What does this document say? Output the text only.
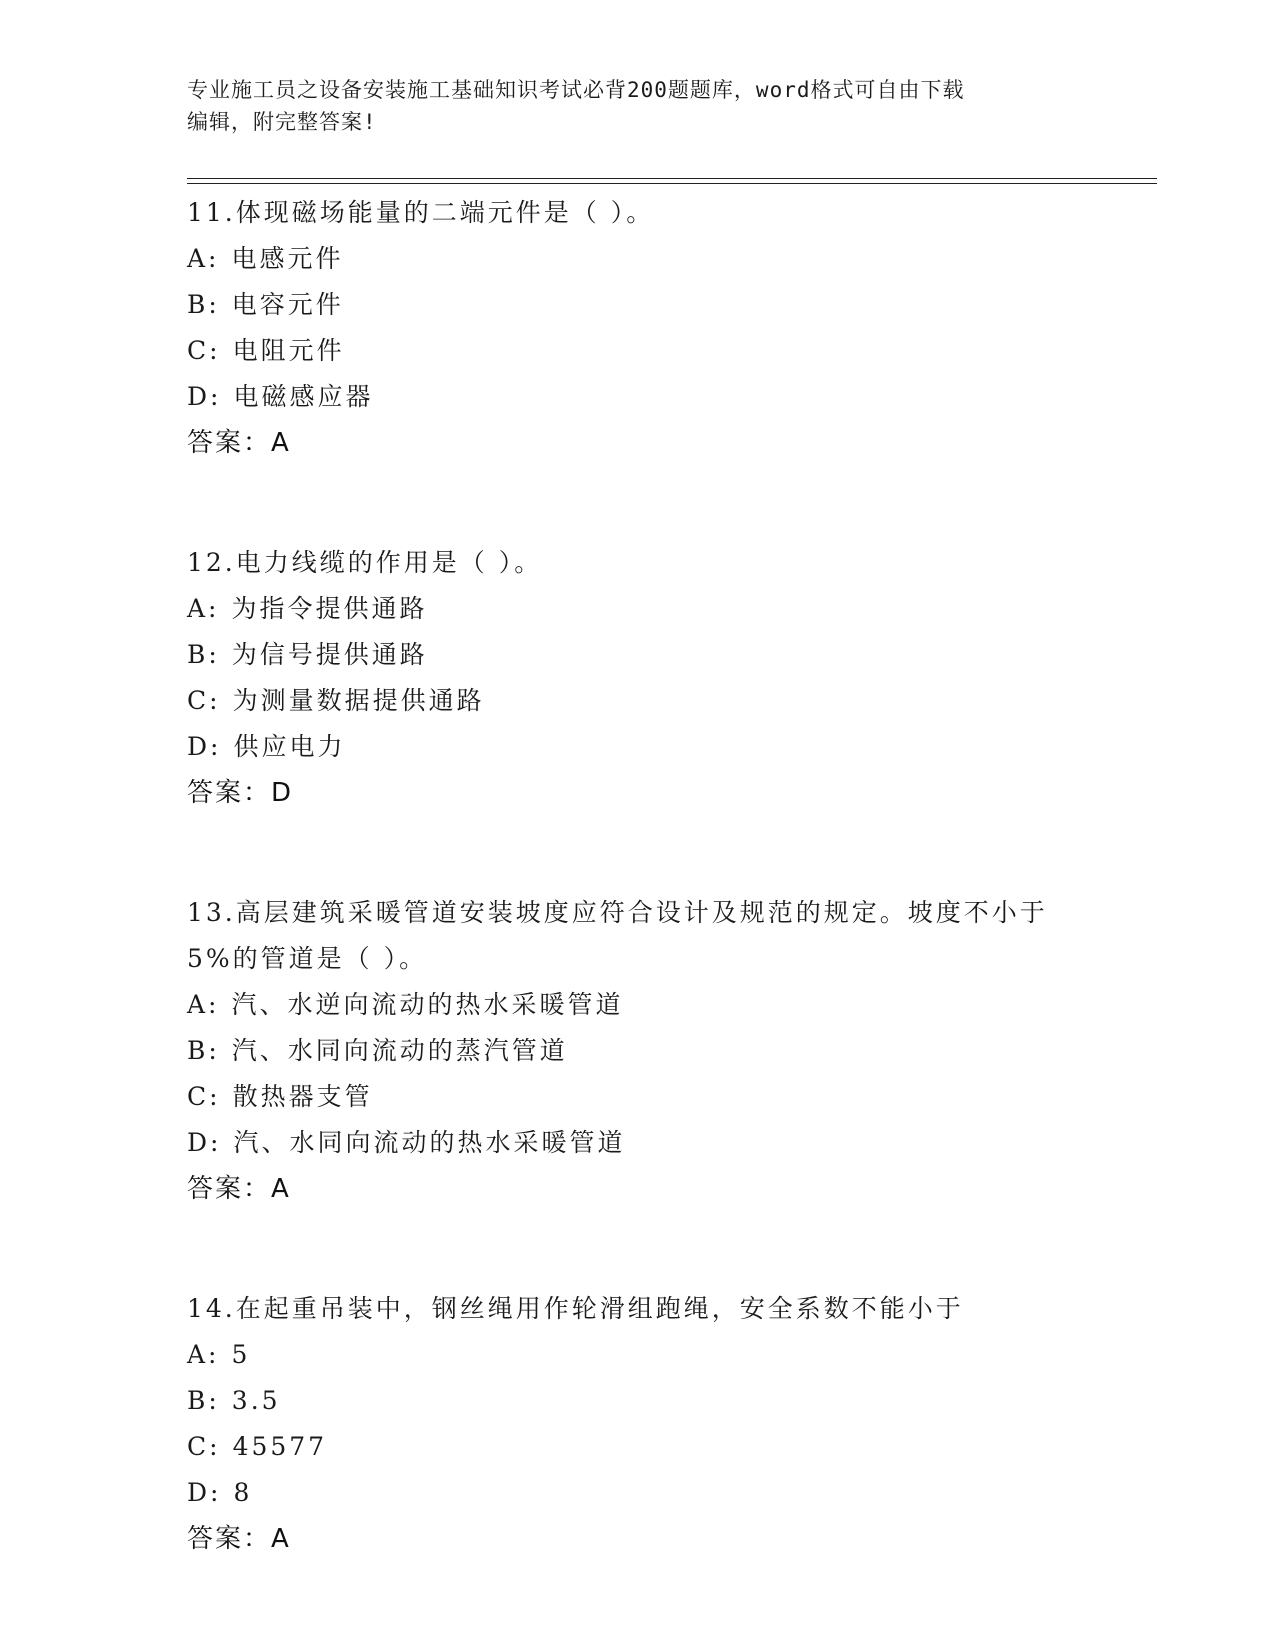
专业施工员之设备安装施工基础知识考试必背200题题库，word格式可自由下载
编辑，附完整答案!
11.体现磁场能量的二端元件是（ ）。
A: 电感元件
B: 电容元件
C: 电阻元件
D: 电磁感应器
答案：A
12.电力线缆的作用是（ ）。
A: 为指令提供通路
B: 为信号提供通路
C: 为测量数据提供通路
D: 供应电力
答案：D
13.高层建筑采暖管道安装坡度应符合设计及规范的规定。坡度不小于
5%的管道是（ ）。
A: 汽、水逆向流动的热水采暖管道
B: 汽、水同向流动的蒸汽管道
C: 散热器支管
D: 汽、水同向流动的热水采暖管道
答案：A
14.在起重吊装中，钢丝绳用作轮滑组跑绳，安全系数不能小于
A: 5
B: 3.5
C: 45577
D: 8
答案：A
